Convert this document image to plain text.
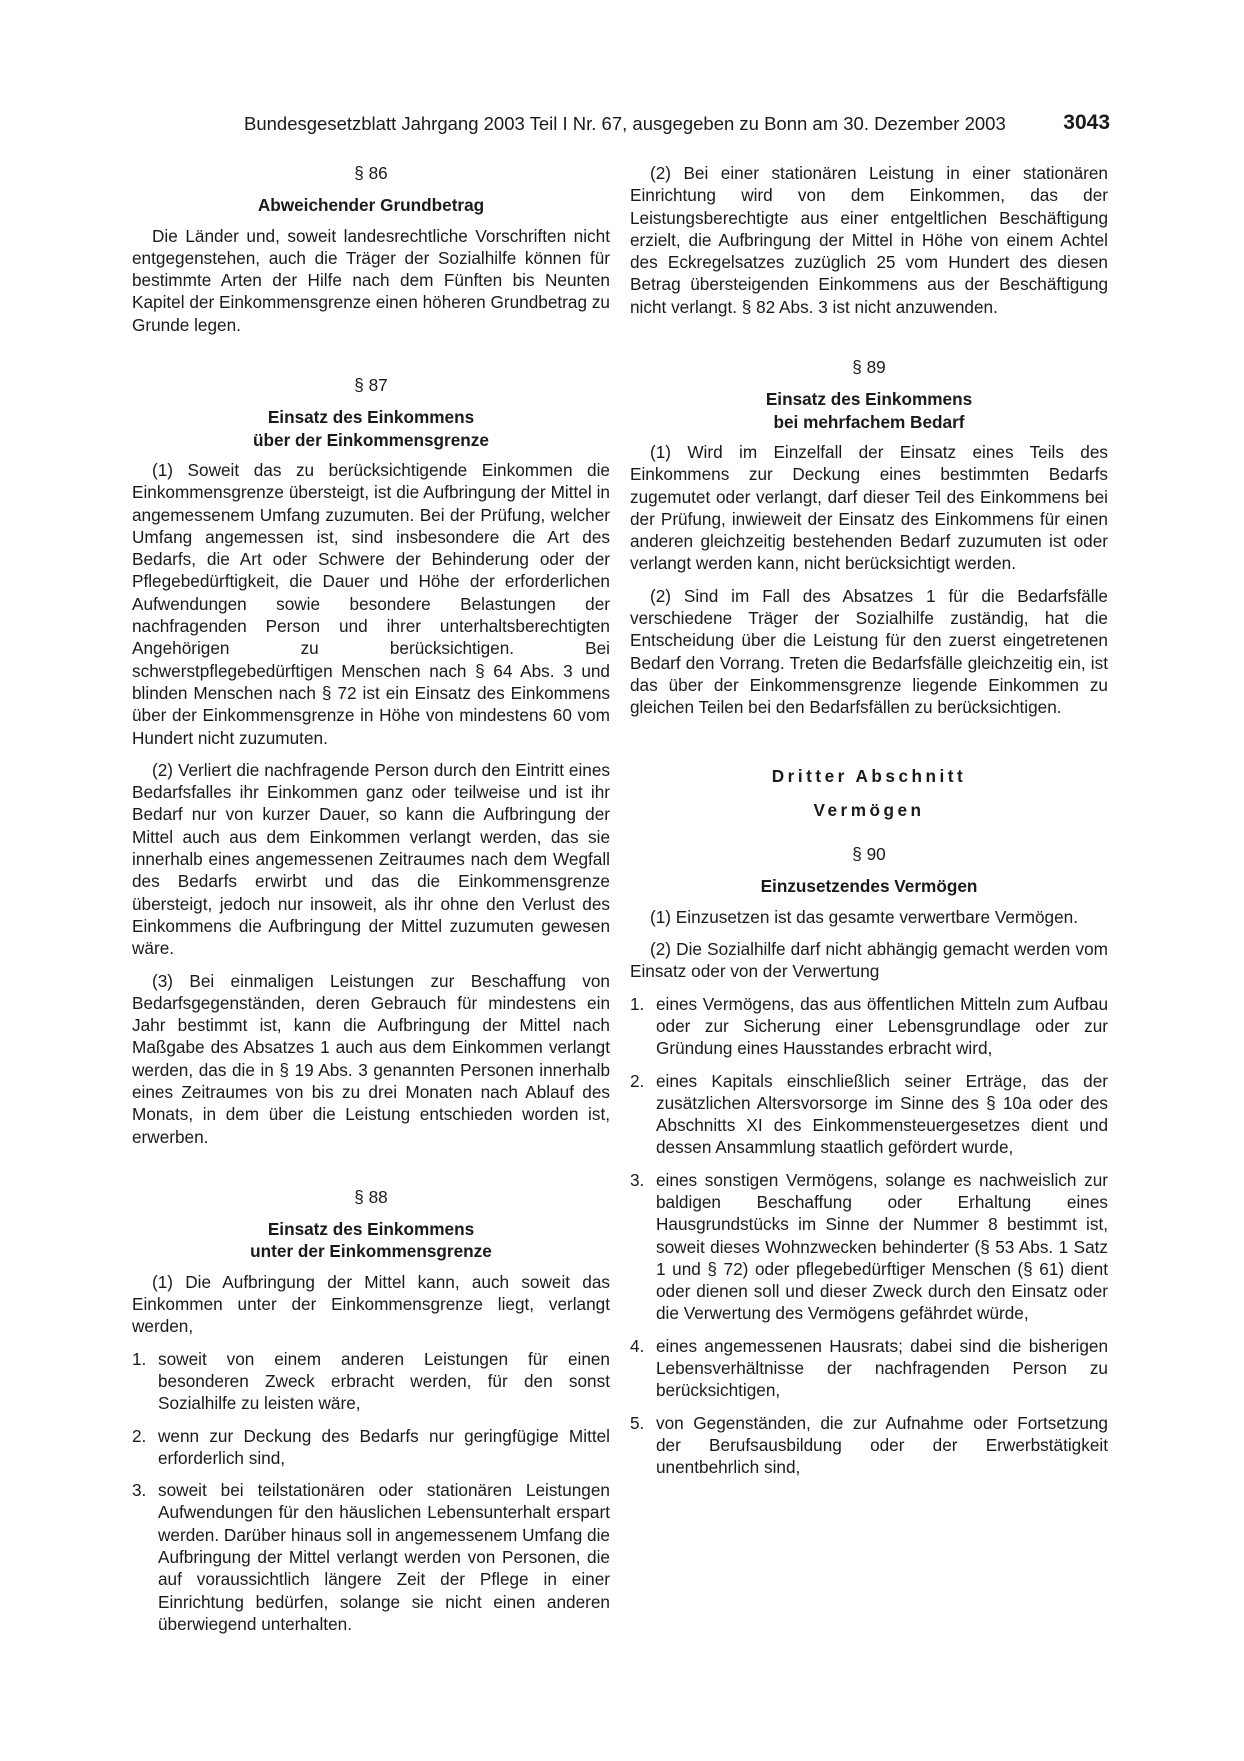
Bundesgesetzblatt Jahrgang 2003 Teil I Nr. 67, ausgegeben zu Bonn am 30. Dezember 2003	3043
§ 86
Abweichender Grundbetrag

Die Länder und, soweit landesrechtliche Vorschriften nicht entgegenstehen, auch die Träger der Sozialhilfe können für bestimmte Arten der Hilfe nach dem Fünften bis Neunten Kapitel der Einkommensgrenze einen höheren Grundbetrag zu Grunde legen.

§ 87
Einsatz des Einkommens
über der Einkommensgrenze

(1) Soweit das zu berücksichtigende Einkommen die Einkommensgrenze übersteigt, ist die Aufbringung der Mittel in angemessenem Umfang zuzumuten. Bei der Prüfung, welcher Umfang angemessen ist, sind insbesondere die Art des Bedarfs, die Art oder Schwere der Behinderung oder der Pflegebedürftigkeit, die Dauer und Höhe der erforderlichen Aufwendungen sowie besondere Belastungen der nachfragenden Person und ihrer unterhaltsberechtigten Angehörigen zu berücksichtigen. Bei schwerstpflegebedürftigen Menschen nach § 64 Abs. 3 und blinden Menschen nach § 72 ist ein Einsatz des Einkommens über der Einkommensgrenze in Höhe von mindestens 60 vom Hundert nicht zuzumuten.

(2) Verliert die nachfragende Person durch den Eintritt eines Bedarfsfalles ihr Einkommen ganz oder teilweise und ist ihr Bedarf nur von kurzer Dauer, so kann die Aufbringung der Mittel auch aus dem Einkommen verlangt werden, das sie innerhalb eines angemessenen Zeitraumes nach dem Wegfall des Bedarfs erwirbt und das die Einkommensgrenze übersteigt, jedoch nur insoweit, als ihr ohne den Verlust des Einkommens die Aufbringung der Mittel zuzumuten gewesen wäre.

(3) Bei einmaligen Leistungen zur Beschaffung von Bedarfsgegenständen, deren Gebrauch für mindestens ein Jahr bestimmt ist, kann die Aufbringung der Mittel nach Maßgabe des Absatzes 1 auch aus dem Einkommen verlangt werden, das die in § 19 Abs. 3 genannten Personen innerhalb eines Zeitraumes von bis zu drei Monaten nach Ablauf des Monats, in dem über die Leistung entschieden worden ist, erwerben.

§ 88
Einsatz des Einkommens
unter der Einkommensgrenze

(1) Die Aufbringung der Mittel kann, auch soweit das Einkommen unter der Einkommensgrenze liegt, verlangt werden,

1. soweit von einem anderen Leistungen für einen besonderen Zweck erbracht werden, für den sonst Sozialhilfe zu leisten wäre,
2. wenn zur Deckung des Bedarfs nur geringfügige Mittel erforderlich sind,
3. soweit bei teilstationären oder stationären Leistungen Aufwendungen für den häuslichen Lebensunterhalt erspart werden. Darüber hinaus soll in angemessenem Umfang die Aufbringung der Mittel verlangt werden von Personen, die auf voraussichtlich längere Zeit der Pflege in einer Einrichtung bedürfen, solange sie nicht einen anderen überwiegend unterhalten.

(2) Bei einer stationären Leistung in einer stationären Einrichtung wird von dem Einkommen, das der Leistungsberechtigte aus einer entgeltlichen Beschäftigung erzielt, die Aufbringung der Mittel in Höhe von einem Achtel des Eckregelsatzes zuzüglich 25 vom Hundert des diesen Betrag übersteigenden Einkommens aus der Beschäftigung nicht verlangt. § 82 Abs. 3 ist nicht anzuwenden.

§ 89
Einsatz des Einkommens
bei mehrfachem Bedarf

(1) Wird im Einzelfall der Einsatz eines Teils des Einkommens zur Deckung eines bestimmten Bedarfs zugemutet oder verlangt, darf dieser Teil des Einkommens bei der Prüfung, inwieweit der Einsatz des Einkommens für einen anderen gleichzeitig bestehenden Bedarf zuzumuten ist oder verlangt werden kann, nicht berücksichtigt werden.

(2) Sind im Fall des Absatzes 1 für die Bedarfsfälle verschiedene Träger der Sozialhilfe zuständig, hat die Entscheidung über die Leistung für den zuerst eingetretenen Bedarf den Vorrang. Treten die Bedarfsfälle gleichzeitig ein, ist das über der Einkommensgrenze liegende Einkommen zu gleichen Teilen bei den Bedarfsfällen zu berücksichtigen.

Dritter Abschnitt
Vermögen
§ 90
Einzusetzendes Vermögen

(1) Einzusetzen ist das gesamte verwertbare Vermögen.

(2) Die Sozialhilfe darf nicht abhängig gemacht werden vom Einsatz oder von der Verwertung

1. eines Vermögens, das aus öffentlichen Mitteln zum Aufbau oder zur Sicherung einer Lebensgrundlage oder zur Gründung eines Hausstandes erbracht wird,
2. eines Kapitals einschließlich seiner Erträge, das der zusätzlichen Altersvorsorge im Sinne des § 10a oder des Abschnitts XI des Einkommensteuergesetzes dient und dessen Ansammlung staatlich gefördert wurde,
3. eines sonstigen Vermögens, solange es nachweislich zur baldigen Beschaffung oder Erhaltung eines Hausgrundstücks im Sinne der Nummer 8 bestimmt ist, soweit dieses Wohnzwecken behinderter (§ 53 Abs. 1 Satz 1 und § 72) oder pflegebedürftiger Menschen (§ 61) dient oder dienen soll und dieser Zweck durch den Einsatz oder die Verwertung des Vermögens gefährdet würde,
4. eines angemessenen Hausrats; dabei sind die bisherigen Lebensverhältnisse der nachfragenden Person zu berücksichtigen,
5. von Gegenständen, die zur Aufnahme oder Fortsetzung der Berufsausbildung oder der Erwerbstätigkeit unentbehrlich sind,
